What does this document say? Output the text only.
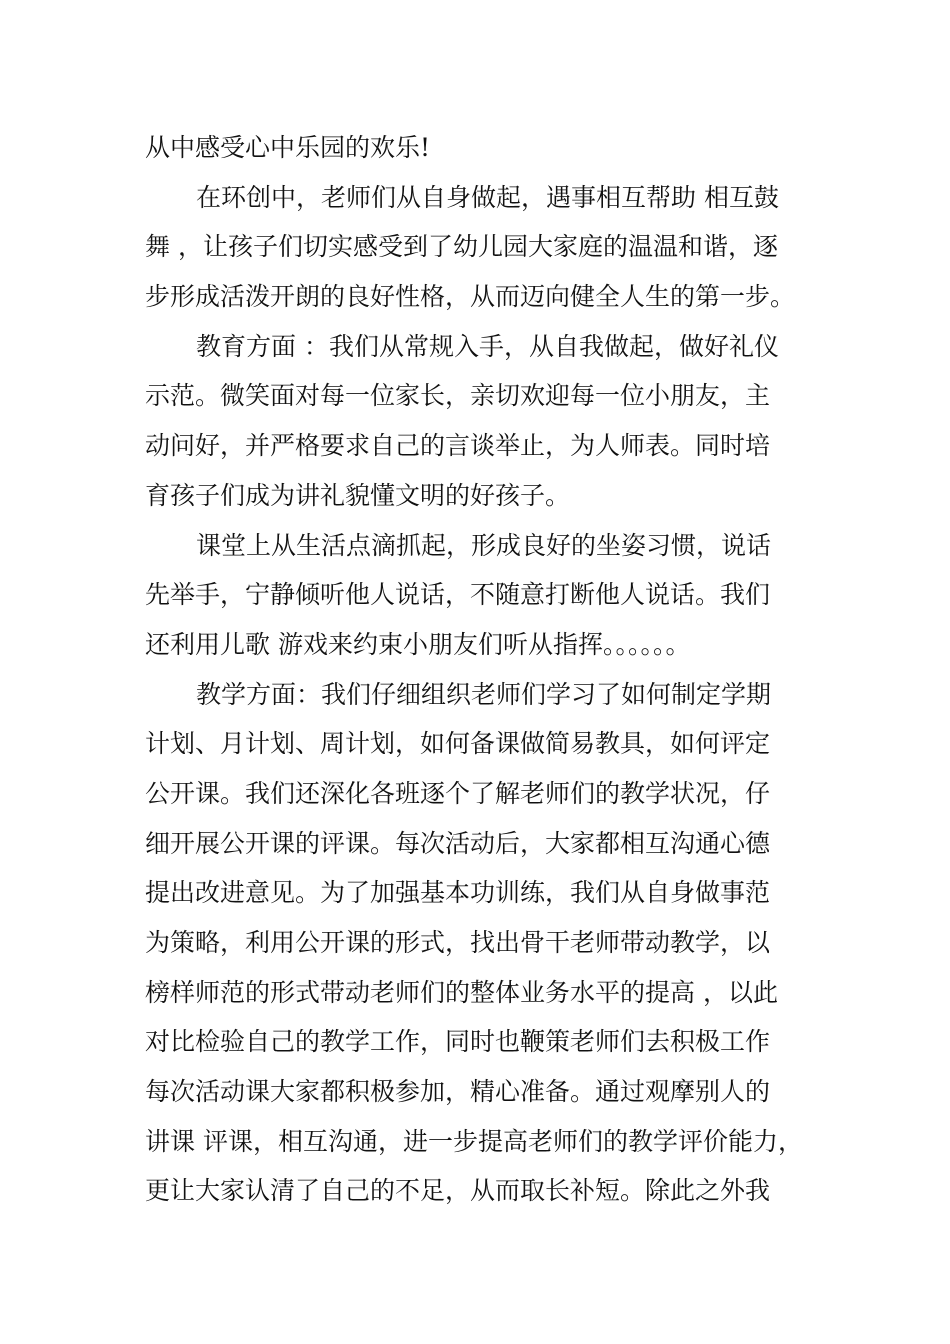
从中感受心中乐园的欢乐!
在环创中，老师们从自身做起，遇事相互帮助 相互鼓
舞 ，让孩子们切实感受到了幼儿园大家庭的温温和谐，逐
步形成活泼开朗的良好性格，从而迈向健全人生的第一步。
教育方面 ：我们从常规入手，从自我做起，做好礼仪
示范。微笑面对每一位家长，亲切欢迎每一位小朋友，主
动问好，并严格要求自己的言谈举止，为人师表。同时培
育孩子们成为讲礼貌懂文明的好孩子。
课堂上从生活点滴抓起，形成良好的坐姿习惯，说话
先举手，宁静倾听他人说话，不随意打断他人说话。我们
还利用儿歌 游戏来约束小朋友们听从指挥。。。。。。
教学方面：我们仔细组织老师们学习了如何制定学期
计划、月计划、周计划，如何备课做简易教具，如何评定
公开课。我们还深化各班逐个了解老师们的教学状况，仔
细开展公开课的评课。每次活动后，大家都相互沟通心德
提出改进意见。为了加强基本功训练，我们从自身做事范
为策略，利用公开课的形式，找出骨干老师带动教学，以
榜样师范的形式带动老师们的整体业务水平的提高 ，以此
对比检验自己的教学工作，同时也鞭策老师们去积极工作
每次活动课大家都积极参加，精心准备。通过观摩别人的
讲课 评课，相互沟通，进一步提高老师们的教学评价能力，
更让大家认清了自己的不足，从而取长补短。除此之外我
